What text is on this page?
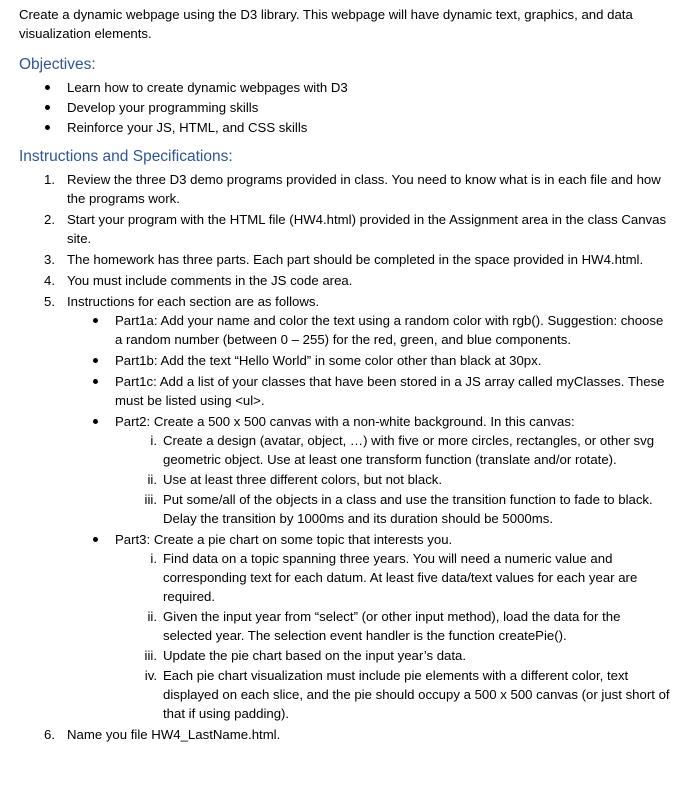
Create a dynamic webpage using the D3 library. This webpage will have dynamic text, graphics, and data visualization elements.

Objectives:
Learn how to create dynamic webpages with D3
Develop your programming skills
Reinforce your JS, HTML, and CSS skills
Instructions and Specifications:
1. Review the three D3 demo programs provided in class. You need to know what is in each file and how the programs work.
2. Start your program with the HTML file (HW4.html) provided in the Assignment area in the class Canvas site.
3. The homework has three parts. Each part should be completed in the space provided in HW4.html.
4. You must include comments in the JS code area.
5. Instructions for each section are as follows.
Part1a: Add your name and color the text using a random color with rgb(). Suggestion: choose a random number (between 0 – 255) for the red, green, and blue components.
Part1b: Add the text “Hello World” in some color other than black at 30px.
Part1c: Add a list of your classes that have been stored in a JS array called myClasses. These must be listed using <ul>.
Part2: Create a 500 x 500 canvas with a non-white background. In this canvas:
i. Create a design (avatar, object, …) with five or more circles, rectangles, or other svg geometric object. Use at least one transform function (translate and/or rotate).
ii. Use at least three different colors, but not black.
iii. Put some/all of the objects in a class and use the transition function to fade to black. Delay the transition by 1000ms and its duration should be 5000ms.
Part3: Create a pie chart on some topic that interests you.
i. Find data on a topic spanning three years. You will need a numeric value and corresponding text for each datum. At least five data/text values for each year are required.
ii. Given the input year from “select” (or other input method), load the data for the selected year. The selection event handler is the function createPie().
iii. Update the pie chart based on the input year’s data.
iv. Each pie chart visualization must include pie elements with a different color, text displayed on each slice, and the pie should occupy a 500 x 500 canvas (or just short of that if using padding).
6. Name you file HW4_LastName.html.
